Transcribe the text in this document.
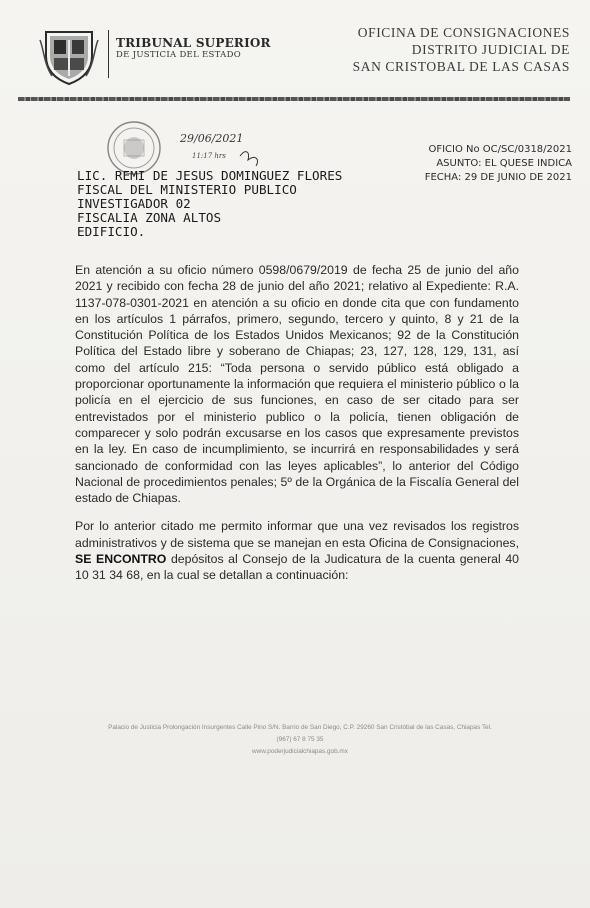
TRIBUNAL SUPERIOR
DE JUSTICIA DEL ESTADO
OFICINA DE CONSIGNACIONES
DISTRITO JUDICIAL DE
SAN CRISTOBAL DE LAS CASAS
29/06/2021
11:17 hrs
OFICIO No OC/SC/0318/2021
ASUNTO: EL QUESE INDICA
FECHA: 29 DE JUNIO DE 2021
LIC. REMI DE JESUS DOMINGUEZ FLORES
FISCAL DEL MINISTERIO PUBLICO
INVESTIGADOR 02
FISCALIA ZONA ALTOS
EDIFICIO.

En atención a su oficio número 0598/0679/2019 de fecha 25 de junio del año 2021 y recibido con fecha 28 de junio del año 2021; relativo al Expediente: R.A. 1137-078-0301-2021 en atención a su oficio en donde cita que con fundamento en los artículos 1 párrafos, primero, segundo, tercero y quinto, 8 y 21 de la Constitución Política de los Estados Unidos Mexicanos; 92 de la Constitución Política del Estado libre y soberano de Chiapas; 23, 127, 128, 129, 131, así como del artículo 215: “Toda persona o servido público está obligado a proporcionar oportunamente la información que requiera el ministerio público o la policía en el ejercicio de sus funciones, en caso de ser citado para ser entrevistados por el ministerio publico o la policía, tienen obligación de comparecer y solo podrán excusarse en los casos que expresamente previstos en la ley. En caso de incumplimiento, se incurrirá en responsabilidades y será sancionado de conformidad con las leyes aplicables”, lo anterior del Código Nacional de procedimientos penales; 5º de la Orgánica de la Fiscalía General del estado de Chiapas.

Por lo anterior citado me permito informar que una vez revisados los registros administrativos y de sistema que se manejan en esta Oficina de Consignaciones, SE ENCONTRO depósitos al Consejo de la Judicatura de la cuenta general 40 10 31 34 68, en la cual se detallan a continuación:

Palacio de Justicia Prolongación Insurgentes Calle Pino S/N. Barrio de San Diego, C.P. 29260 San Cristóbal de las Casas, Chiapas Tel.
(967) 67 8 75 35
www.poderjudicialchiapas.gob.mx
